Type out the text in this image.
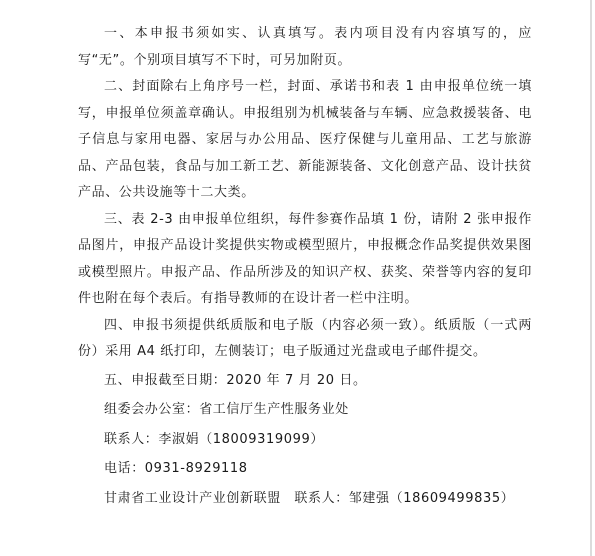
一、本申报书须如实、认真填写。表内项目没有内容填写的，应写“无”。个别项目填写不下时，可另加附页。

二、封面除右上角序号一栏，封面、承诺书和表 1 由申报单位统一填写，申报单位须盖章确认。申报组别为机械装备与车辆、应急救援装备、电子信息与家用电器、家居与办公用品、医疗保健与儿童用品、工艺与旅游品、产品包装，食品与加工新工艺、新能源装备、文化创意产品、设计扶贫产品、公共设施等十二大类。

三、表 2-3 由申报单位组织，每件参赛作品填 1 份，请附 2 张申报作品图片，申报产品设计奖提供实物或模型照片，申报概念作品奖提供效果图或模型照片。申报产品、作品所涉及的知识产权、获奖、荣誉等内容的复印件也附在每个表后。有指导教师的在设计者一栏中注明。

四、申报书须提供纸质版和电子版（内容必须一致）。纸质版（一式两份）采用 A4 纸打印，左侧装订；电子版通过光盘或电子邮件提交。

五、申报截至日期：2020 年 7 月 20 日。

组委会办公室：省工信厅生产性服务业处

联系人：李淑娟（18009319099）

电话：0931-8929118

甘肃省工业设计产业创新联盟　联系人：邹建强（18609499835）
